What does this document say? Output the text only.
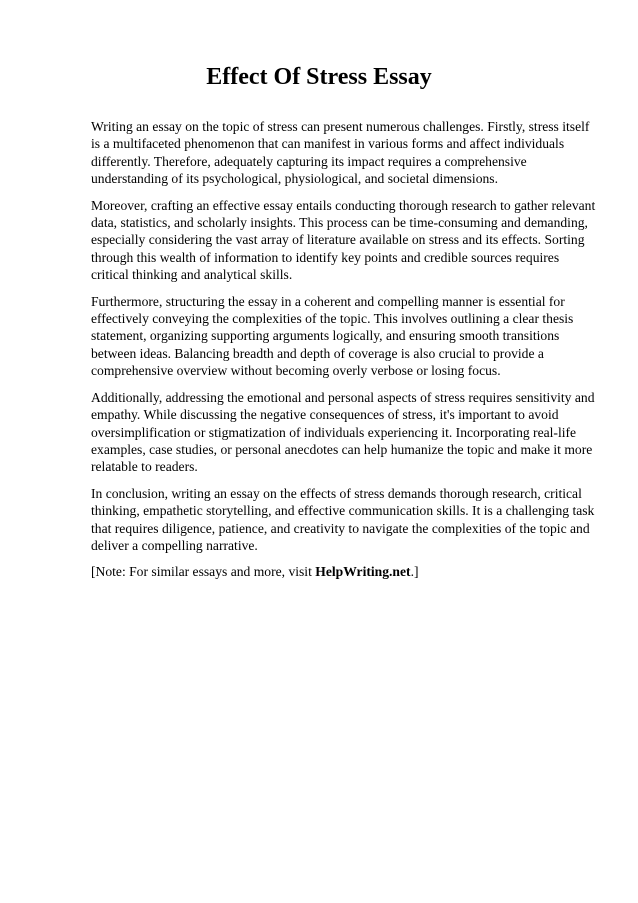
Effect Of Stress Essay

Writing an essay on the topic of stress can present numerous challenges. Firstly, stress itself is a multifaceted phenomenon that can manifest in various forms and affect individuals differently. Therefore, adequately capturing its impact requires a comprehensive understanding of its psychological, physiological, and societal dimensions.

Moreover, crafting an effective essay entails conducting thorough research to gather relevant data, statistics, and scholarly insights. This process can be time-consuming and demanding, especially considering the vast array of literature available on stress and its effects. Sorting through this wealth of information to identify key points and credible sources requires critical thinking and analytical skills.

Furthermore, structuring the essay in a coherent and compelling manner is essential for effectively conveying the complexities of the topic. This involves outlining a clear thesis statement, organizing supporting arguments logically, and ensuring smooth transitions between ideas. Balancing breadth and depth of coverage is also crucial to provide a comprehensive overview without becoming overly verbose or losing focus.

Additionally, addressing the emotional and personal aspects of stress requires sensitivity and empathy. While discussing the negative consequences of stress, it's important to avoid oversimplification or stigmatization of individuals experiencing it. Incorporating real-life examples, case studies, or personal anecdotes can help humanize the topic and make it more relatable to readers.

In conclusion, writing an essay on the effects of stress demands thorough research, critical thinking, empathetic storytelling, and effective communication skills. It is a challenging task that requires diligence, patience, and creativity to navigate the complexities of the topic and deliver a compelling narrative.

[Note: For similar essays and more, visit HelpWriting.net.]
